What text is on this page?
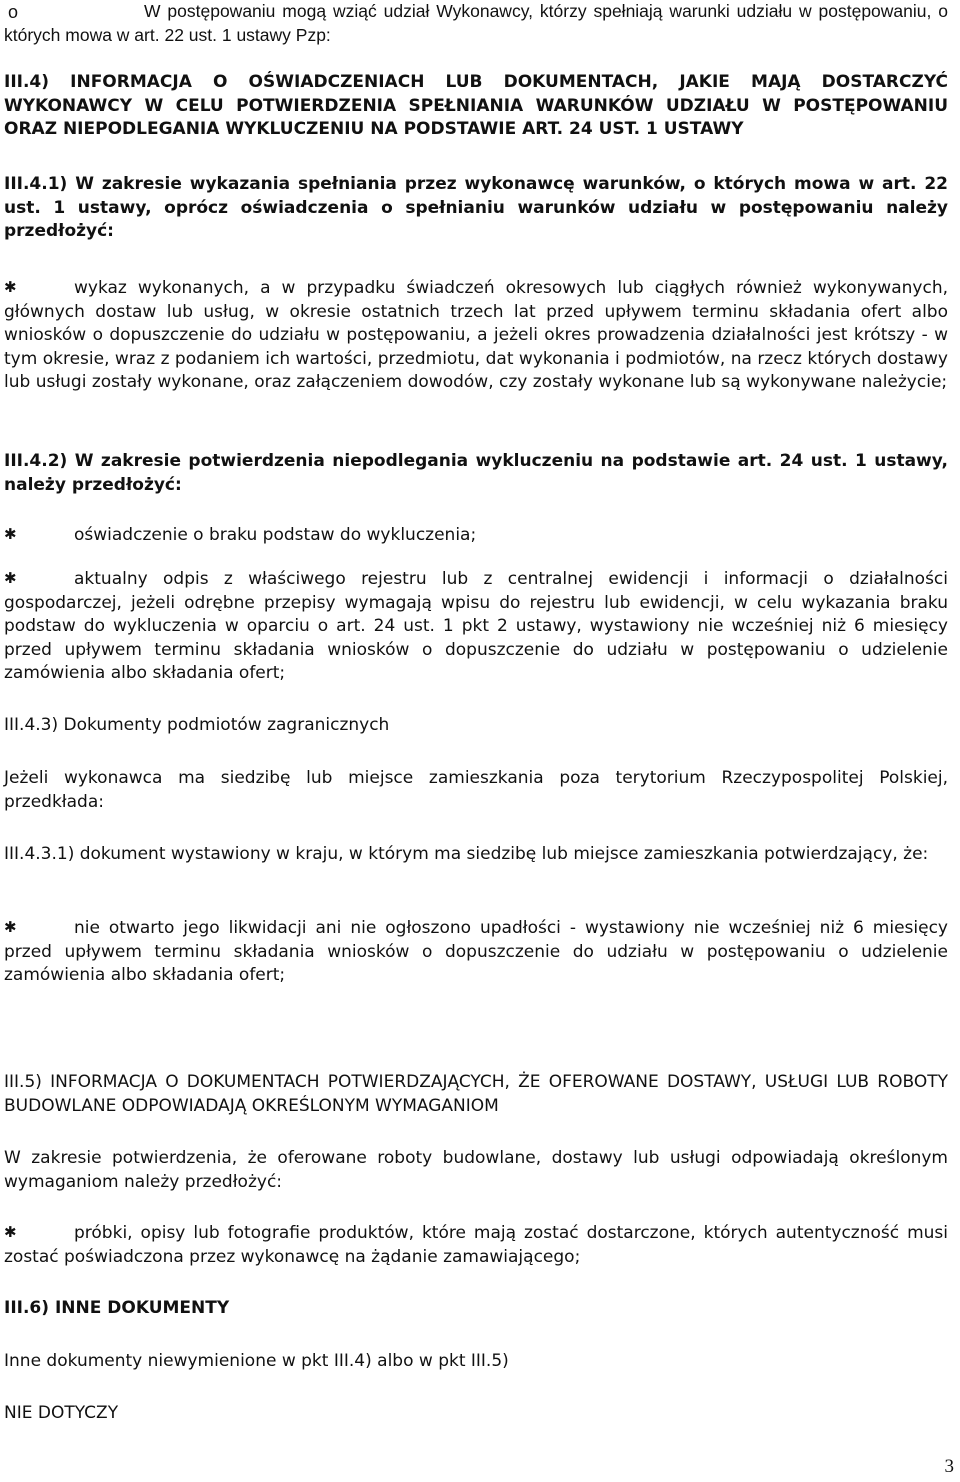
o	W postępowaniu mogą wziąć udział Wykonawcy, którzy spełniają warunki udziału w postępowaniu, o których mowa w art. 22 ust. 1 ustawy Pzp:
III.4) INFORMACJA O OŚWIADCZENIACH LUB DOKUMENTACH, JAKIE MAJĄ DOSTARCZYĆ WYKONAWCY W CELU POTWIERDZENIA SPEŁNIANIA WARUNKÓW UDZIAŁU W POSTĘPOWANIU ORAZ NIEPODLEGANIA WYKLUCZENIU NA PODSTAWIE ART. 24 UST. 1 USTAWY
III.4.1) W zakresie wykazania spełniania przez wykonawcę warunków, o których mowa w art. 22 ust. 1 ustawy, oprócz oświadczenia o spełnianiu warunków udziału w postępowaniu należy przedłożyć:
✱	wykaz wykonanych, a w przypadku świadczeń okresowych lub ciągłych również wykonywanych, głównych dostaw lub usług, w okresie ostatnich trzech lat przed upływem terminu składania ofert albo wniosków o dopuszczenie do udziału w postępowaniu, a jeżeli okres prowadzenia działalności jest krótszy - w tym okresie, wraz z podaniem ich wartości, przedmiotu, dat wykonania i podmiotów, na rzecz których dostawy lub usługi zostały wykonane, oraz załączeniem dowodów, czy zostały wykonane lub są wykonywane należycie;
III.4.2) W zakresie potwierdzenia niepodlegania wykluczeniu na podstawie art. 24 ust. 1 ustawy, należy przedłożyć:
✱	oświadczenie o braku podstaw do wykluczenia;
✱	aktualny odpis z właściwego rejestru lub z centralnej ewidencji i informacji o działalności gospodarczej, jeżeli odrębne przepisy wymagają wpisu do rejestru lub ewidencji, w celu wykazania braku podstaw do wykluczenia w oparciu o art. 24 ust. 1 pkt 2 ustawy, wystawiony nie wcześniej niż 6 miesięcy przed upływem terminu składania wniosków o dopuszczenie do udziału w postępowaniu o udzielenie zamówienia albo składania ofert;
III.4.3) Dokumenty podmiotów zagranicznych
Jeżeli wykonawca ma siedzibę lub miejsce zamieszkania poza terytorium Rzeczypospolitej Polskiej, przedkłada:
III.4.3.1) dokument wystawiony w kraju, w którym ma siedzibę lub miejsce zamieszkania potwierdzający, że:
✱	nie otwarto jego likwidacji ani nie ogłoszono upadłości - wystawiony nie wcześniej niż 6 miesięcy przed upływem terminu składania wniosków o dopuszczenie do udziału w postępowaniu o udzielenie zamówienia albo składania ofert;
III.5) INFORMACJA O DOKUMENTACH POTWIERDZAJĄCYCH, ŻE OFEROWANE DOSTAWY, USŁUGI LUB ROBOTY BUDOWLANE ODPOWIADAJĄ OKREŚLONYM WYMAGANIOM
W zakresie potwierdzenia, że oferowane roboty budowlane, dostawy lub usługi odpowiadają określonym wymaganiom należy przedłożyć:
✱	próbki, opisy lub fotografie produktów, które mają zostać dostarczone, których autentyczność musi zostać poświadczona przez wykonawcę na żądanie zamawiającego;
III.6) INNE DOKUMENTY
Inne dokumenty niewymienione w pkt III.4) albo w pkt III.5)
NIE DOTYCZY
3
